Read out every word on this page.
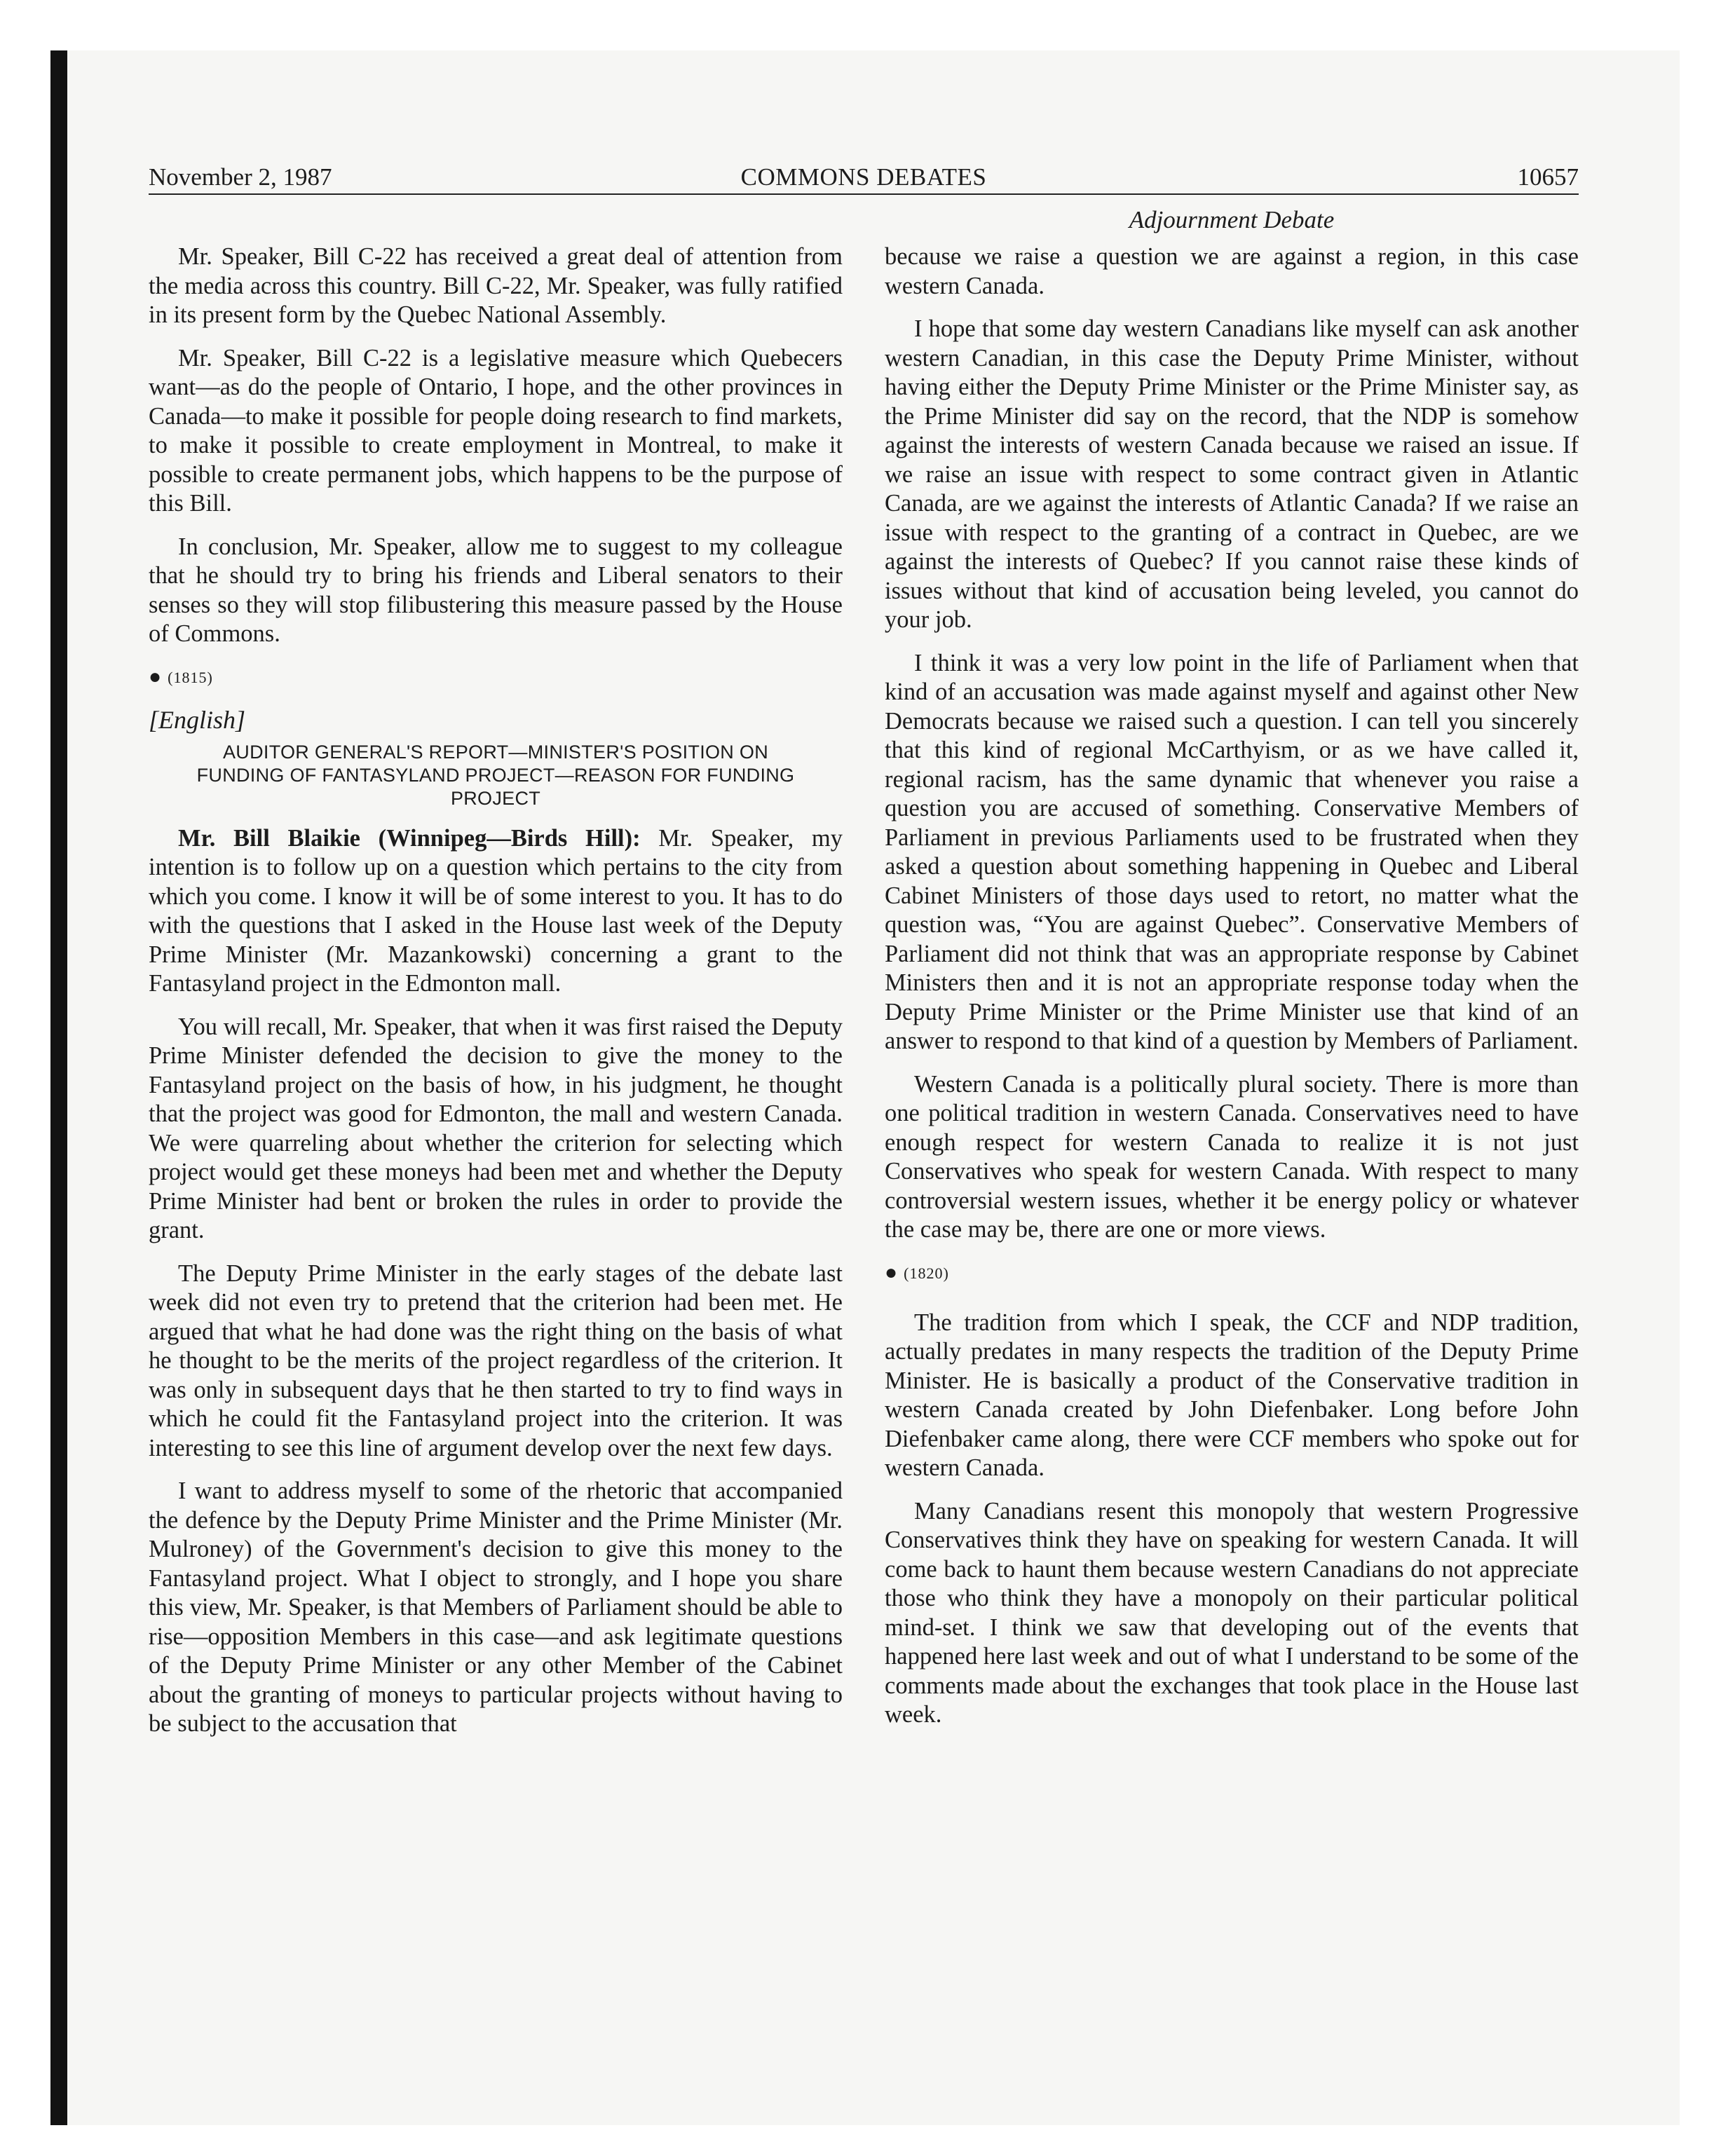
November 2, 1987	COMMONS DEBATES	10657
Adjournment Debate

Mr. Speaker, Bill C-22 has received a great deal of attention from the media across this country. Bill C-22, Mr. Speaker, was fully ratified in its present form by the Quebec National Assembly.

Mr. Speaker, Bill C-22 is a legislative measure which Quebecers want—as do the people of Ontario, I hope, and the other provinces in Canada—to make it possible for people doing research to find markets, to make it possible to create employment in Montreal, to make it possible to create permanent jobs, which happens to be the purpose of this Bill.

In conclusion, Mr. Speaker, allow me to suggest to my colleague that he should try to bring his friends and Liberal senators to their senses so they will stop filibustering this measure passed by the House of Commons.

● (1815)
[English]
AUDITOR GENERAL'S REPORT—MINISTER'S POSITION ON FUNDING OF FANTASYLAND PROJECT—REASON FOR FUNDING PROJECT

Mr. Bill Blaikie (Winnipeg—Birds Hill): Mr. Speaker, my intention is to follow up on a question which pertains to the city from which you come. I know it will be of some interest to you. It has to do with the questions that I asked in the House last week of the Deputy Prime Minister (Mr. Mazankowski) concerning a grant to the Fantasyland project in the Edmonton mall.

You will recall, Mr. Speaker, that when it was first raised the Deputy Prime Minister defended the decision to give the money to the Fantasyland project on the basis of how, in his judgment, he thought that the project was good for Edmonton, the mall and western Canada. We were quarreling about whether the criterion for selecting which project would get these moneys had been met and whether the Deputy Prime Minister had bent or broken the rules in order to provide the grant.

The Deputy Prime Minister in the early stages of the debate last week did not even try to pretend that the criterion had been met. He argued that what he had done was the right thing on the basis of what he thought to be the merits of the project regardless of the criterion. It was only in subsequent days that he then started to try to find ways in which he could fit the Fantasyland project into the criterion. It was interesting to see this line of argument develop over the next few days.

I want to address myself to some of the rhetoric that accompanied the defence by the Deputy Prime Minister and the Prime Minister (Mr. Mulroney) of the Government's decision to give this money to the Fantasyland project. What I object to strongly, and I hope you share this view, Mr. Speaker, is that Members of Parliament should be able to rise—opposition Members in this case—and ask legitimate questions of the Deputy Prime Minister or any other Member of the Cabinet about the granting of moneys to particular projects without having to be subject to the accusation that

because we raise a question we are against a region, in this case western Canada.

I hope that some day western Canadians like myself can ask another western Canadian, in this case the Deputy Prime Minister, without having either the Deputy Prime Minister or the Prime Minister say, as the Prime Minister did say on the record, that the NDP is somehow against the interests of western Canada because we raised an issue. If we raise an issue with respect to some contract given in Atlantic Canada, are we against the interests of Atlantic Canada? If we raise an issue with respect to the granting of a contract in Quebec, are we against the interests of Quebec? If you cannot raise these kinds of issues without that kind of accusation being leveled, you cannot do your job.

I think it was a very low point in the life of Parliament when that kind of an accusation was made against myself and against other New Democrats because we raised such a question. I can tell you sincerely that this kind of regional McCarthyism, or as we have called it, regional racism, has the same dynamic that whenever you raise a question you are accused of something. Conservative Members of Parliament in previous Parliaments used to be frustrated when they asked a question about something happening in Quebec and Liberal Cabinet Ministers of those days used to retort, no matter what the question was, “You are against Quebec”. Conservative Members of Parliament did not think that was an appropriate response by Cabinet Ministers then and it is not an appropriate response today when the Deputy Prime Minister or the Prime Minister use that kind of an answer to respond to that kind of a question by Members of Parliament.

Western Canada is a politically plural society. There is more than one political tradition in western Canada. Conservatives need to have enough respect for western Canada to realize it is not just Conservatives who speak for western Canada. With respect to many controversial western issues, whether it be energy policy or whatever the case may be, there are one or more views.

● (1820)

The tradition from which I speak, the CCF and NDP tradition, actually predates in many respects the tradition of the Deputy Prime Minister. He is basically a product of the Conservative tradition in western Canada created by John Diefenbaker. Long before John Diefenbaker came along, there were CCF members who spoke out for western Canada.

Many Canadians resent this monopoly that western Progressive Conservatives think they have on speaking for western Canada. It will come back to haunt them because western Canadians do not appreciate those who think they have a monopoly on their particular political mind-set. I think we saw that developing out of the events that happened here last week and out of what I understand to be some of the comments made about the exchanges that took place in the House last week.
